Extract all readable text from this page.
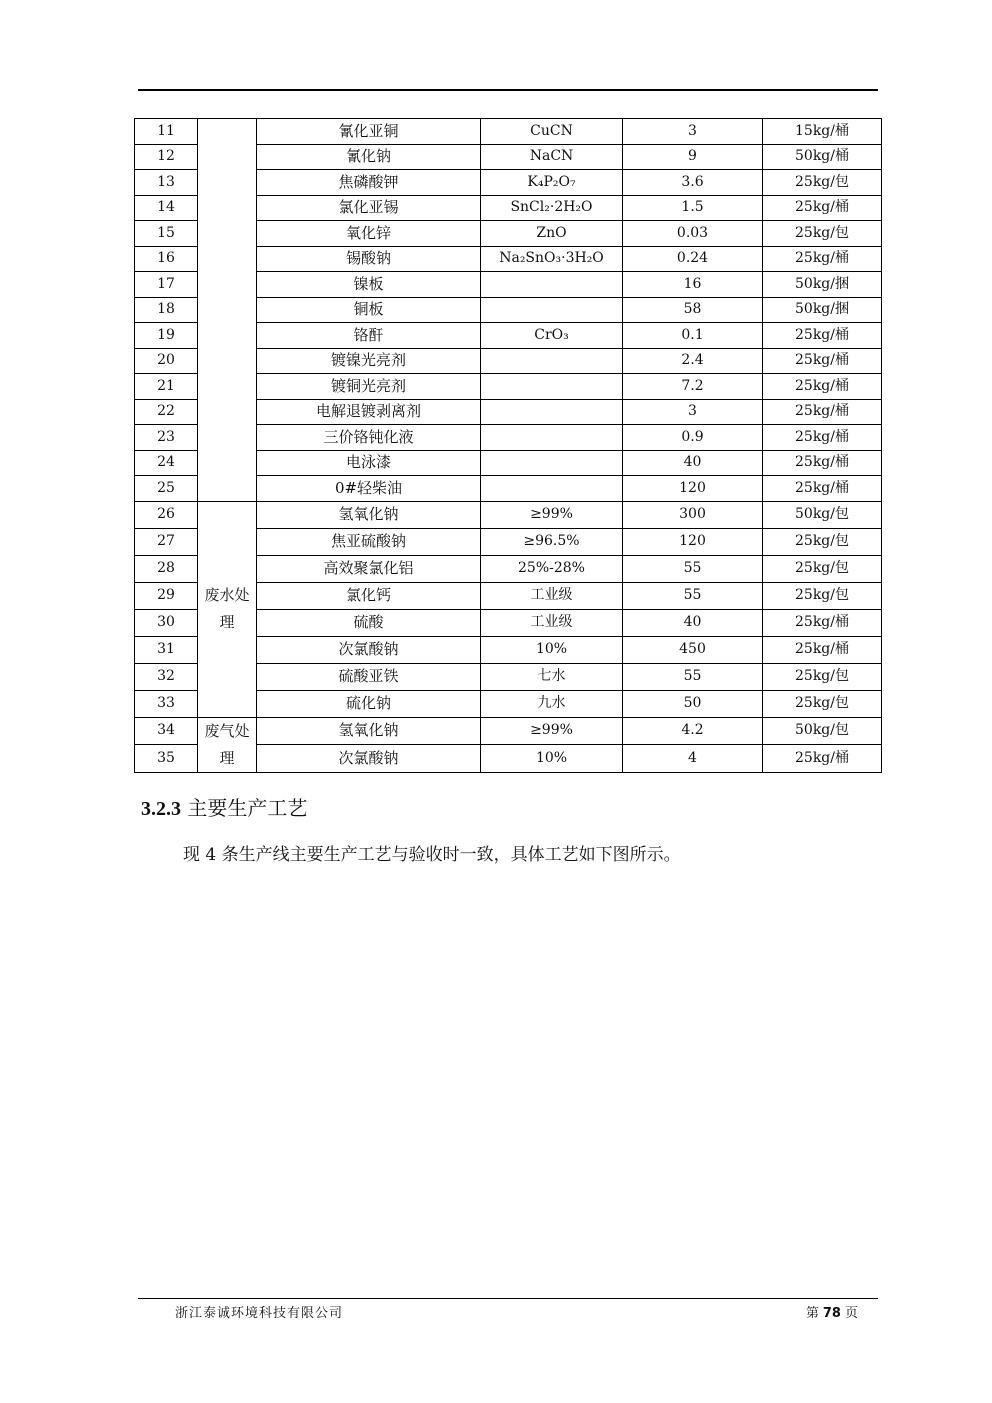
11		氰化亚铜	CuCN	3	15kg/桶
12		氰化钠	NaCN	9	50kg/桶
13		焦磷酸钾	K₄P₂O₇	3.6	25kg/包
14		氯化亚锡	SnCl₂·2H₂O	1.5	25kg/桶
15		氧化锌	ZnO	0.03	25kg/包
16		锡酸钠	Na₂SnO₃·3H₂O	0.24	25kg/桶
17		镍板		16	50kg/捆
18		铜板		58	50kg/捆
19		铬酐	CrO₃	0.1	25kg/桶
20		镀镍光亮剂		2.4	25kg/桶
21		镀铜光亮剂		7.2	25kg/桶
22		电解退镀剥离剂		3	25kg/桶
23		三价铬钝化液		0.9	25kg/桶
24		电泳漆		40	25kg/桶
25		0#轻柴油		120	25kg/桶
26	废水处理	氢氧化钠	≥99%	300	50kg/包
27		焦亚硫酸钠	≥96.5%	120	25kg/包
28		高效聚氯化铝	25%-28%	55	25kg/包
29		氯化钙	工业级	55	25kg/包
30		硫酸	工业级	40	25kg/桶
31		次氯酸钠	10%	450	25kg/桶
32		硫酸亚铁	七水	55	25kg/包
33		硫化钠	九水	50	25kg/包
34	废气处理	氢氧化钠	≥99%	4.2	50kg/包
35		次氯酸钠	10%	4	25kg/桶
3.2.3 主要生产工艺
现 4 条生产线主要生产工艺与验收时一致，具体工艺如下图所示。
浙江泰诚环境科技有限公司	第 78 页
